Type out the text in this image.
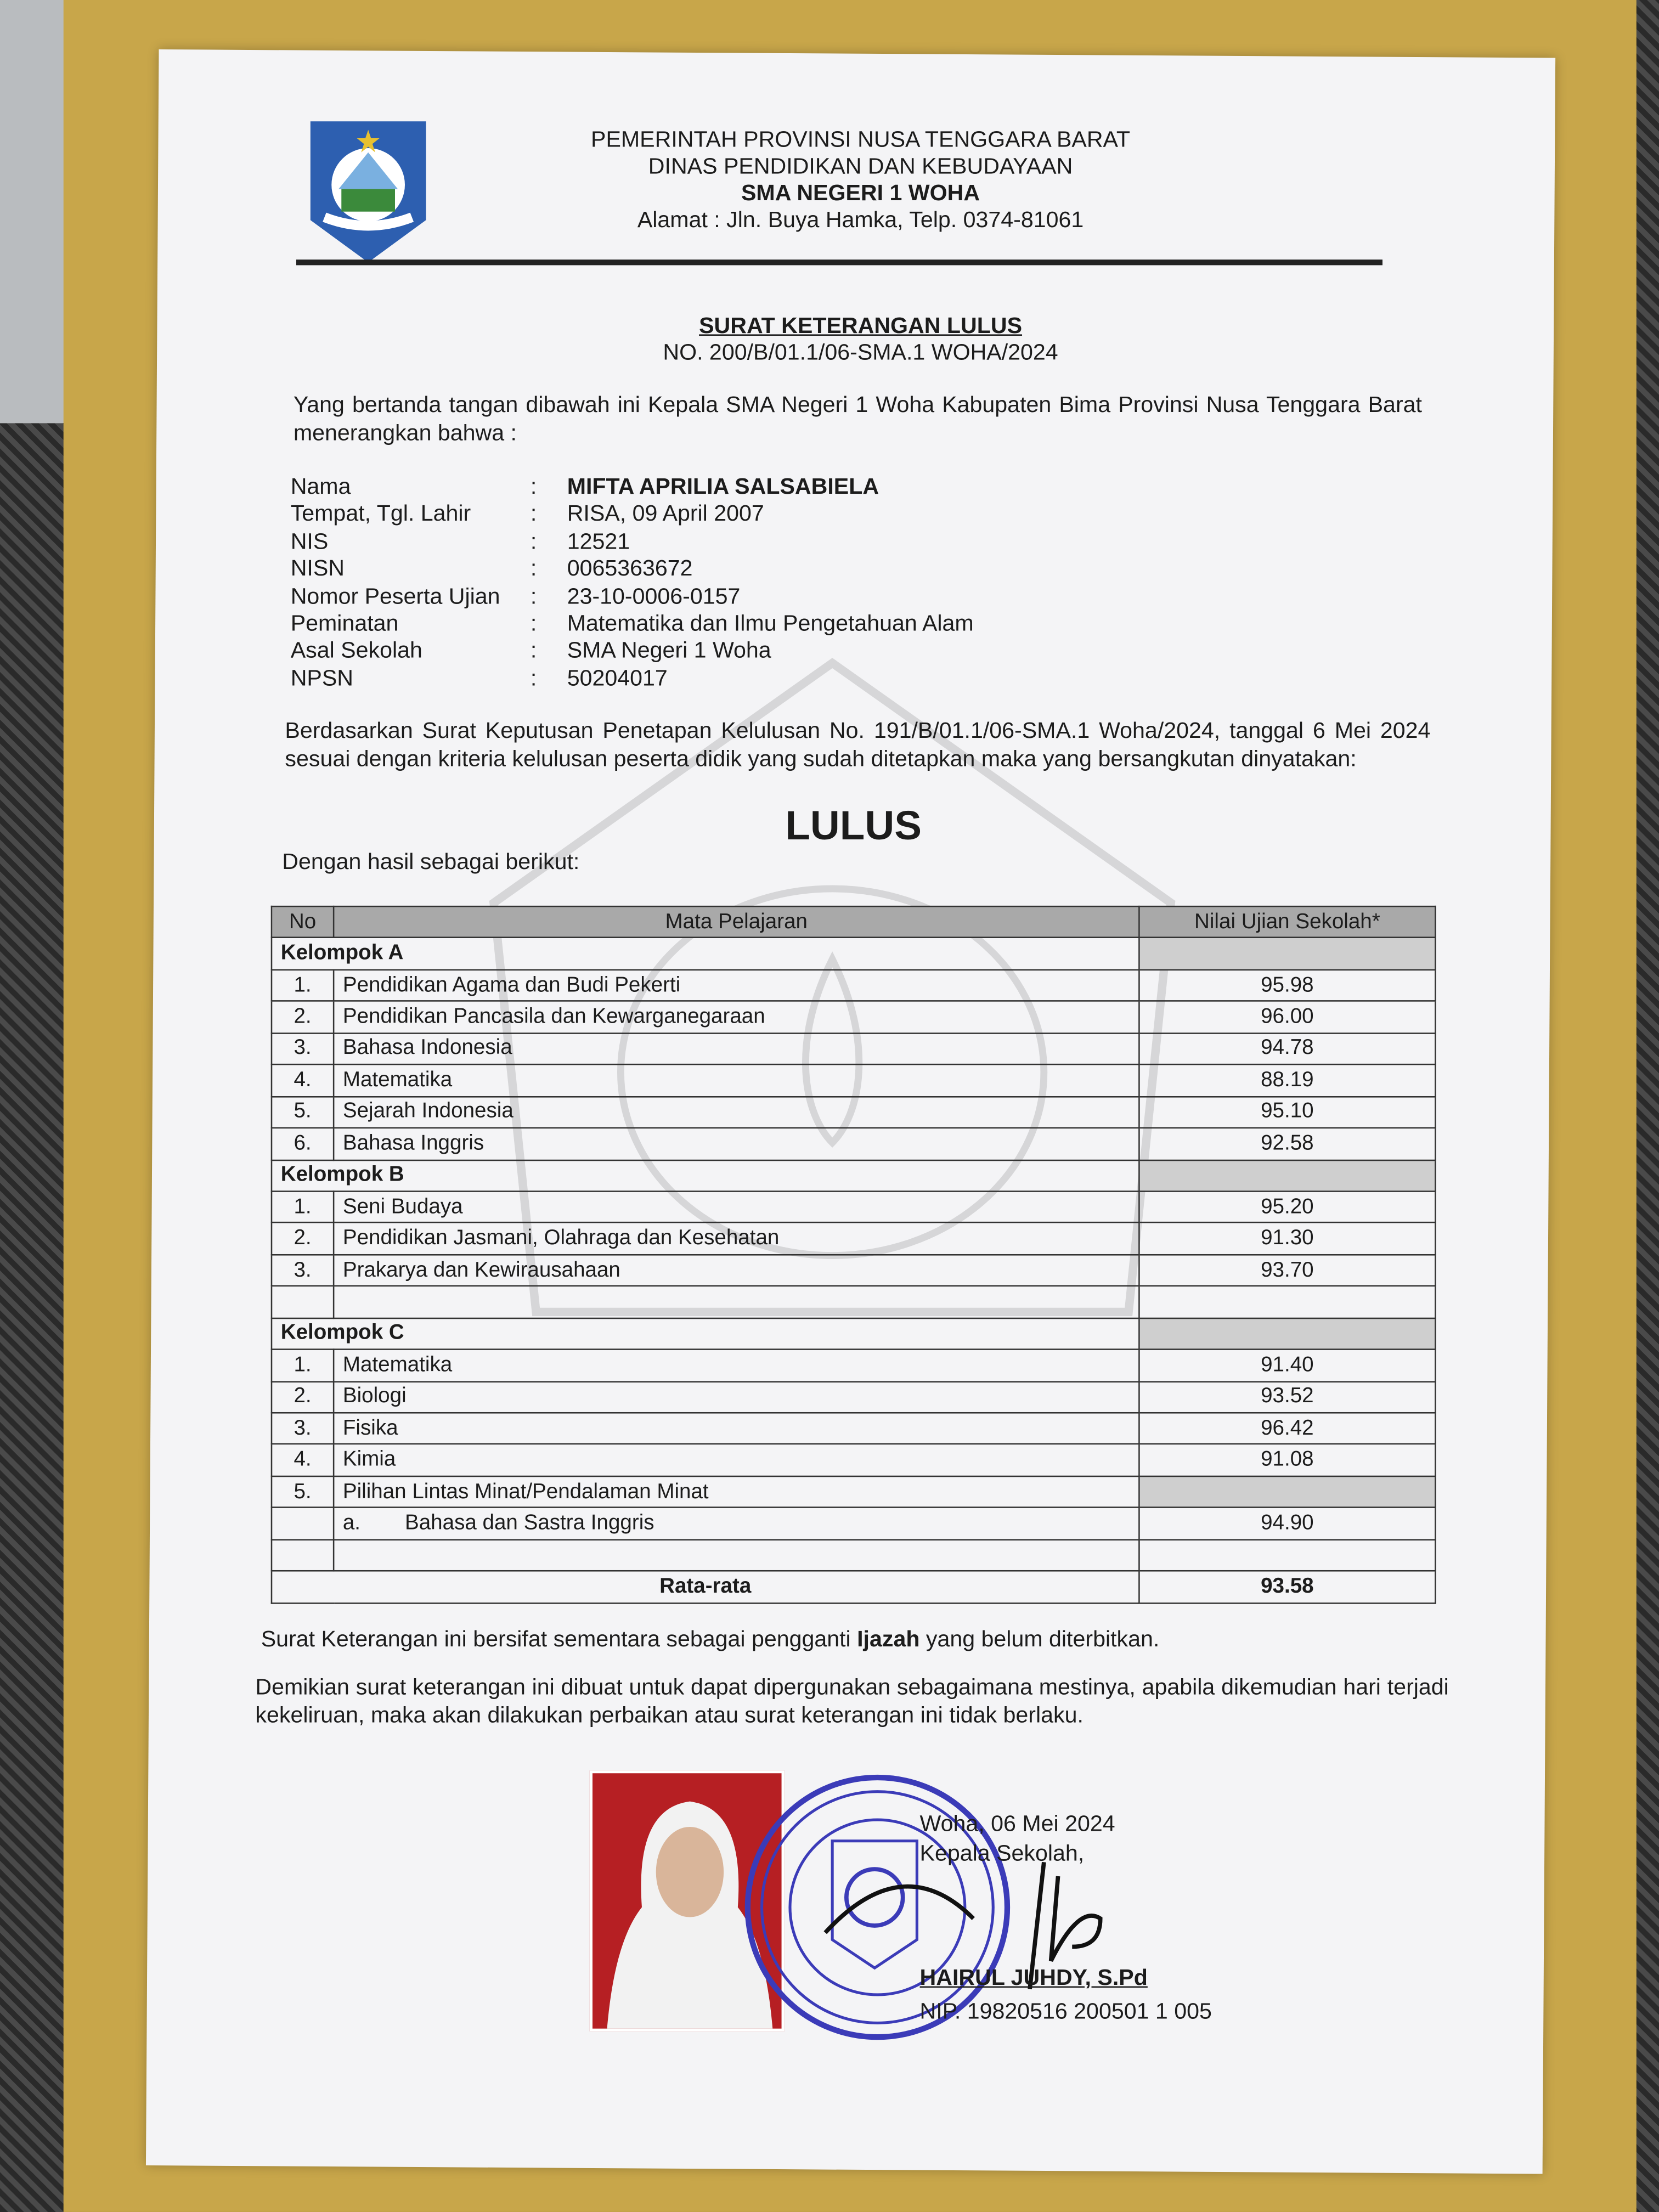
PEMERINTAH PROVINSI NUSA TENGGARA BARAT
DINAS PENDIDIKAN DAN KEBUDAYAAN
SMA NEGERI 1 WOHA
Alamat : Jln. Buya Hamka, Telp. 0374-81061
SURAT KETERANGAN LULUS
NO. 200/B/01.1/06-SMA.1 WOHA/2024
Yang bertanda tangan dibawah ini Kepala SMA Negeri 1 Woha Kabupaten Bima Provinsi Nusa Tenggara Barat menerangkan bahwa :
Nama	:	MIFTA APRILIA SALSABIELA
Tempat, Tgl. Lahir	:	RISA, 09 April 2007
NIS	:	12521
NISN	:	0065363672
Nomor Peserta Ujian	:	23-10-0006-0157
Peminatan	:	Matematika dan Ilmu Pengetahuan Alam
Asal Sekolah	:	SMA Negeri 1 Woha
NPSN	:	50204017
Berdasarkan Surat Keputusan Penetapan Kelulusan No. 191/B/01.1/06-SMA.1 Woha/2024, tanggal 6 Mei 2024 sesuai dengan kriteria kelulusan peserta didik yang sudah ditetapkan maka yang bersangkutan dinyatakan:
LULUS
Dengan hasil sebagai berikut:
No	Mata Pelajaran	Nilai Ujian Sekolah*
Kelompok A		
1.	Pendidikan Agama dan Budi Pekerti	95.98
2.	Pendidikan Pancasila dan Kewarganegaraan	96.00
3.	Bahasa Indonesia	94.78
4.	Matematika	88.19
5.	Sejarah Indonesia	95.10
6.	Bahasa Inggris	92.58
Kelompok B		
1.	Seni Budaya	95.20
2.	Pendidikan Jasmani, Olahraga dan Kesehatan	91.30
3.	Prakarya dan Kewirausahaan	93.70

Kelompok C		
1.	Matematika	91.40
2.	Biologi	93.52
3.	Fisika	96.42
4.	Kimia	91.08
5.	Pilihan Lintas Minat/Pendalaman Minat	
	a. Bahasa dan Sastra Inggris	94.90

Rata-rata		93.58
Surat Keterangan ini bersifat sementara sebagai pengganti Ijazah yang belum diterbitkan.
Demikian surat keterangan ini dibuat untuk dapat dipergunakan sebagaimana mestinya, apabila dikemudian hari terjadi kekeliruan, maka akan dilakukan perbaikan atau surat keterangan ini tidak berlaku.
Woha, 06 Mei 2024
Kepala Sekolah,
HAIRUL JUHDY, S.Pd
NIP. 19820516 200501 1 005
